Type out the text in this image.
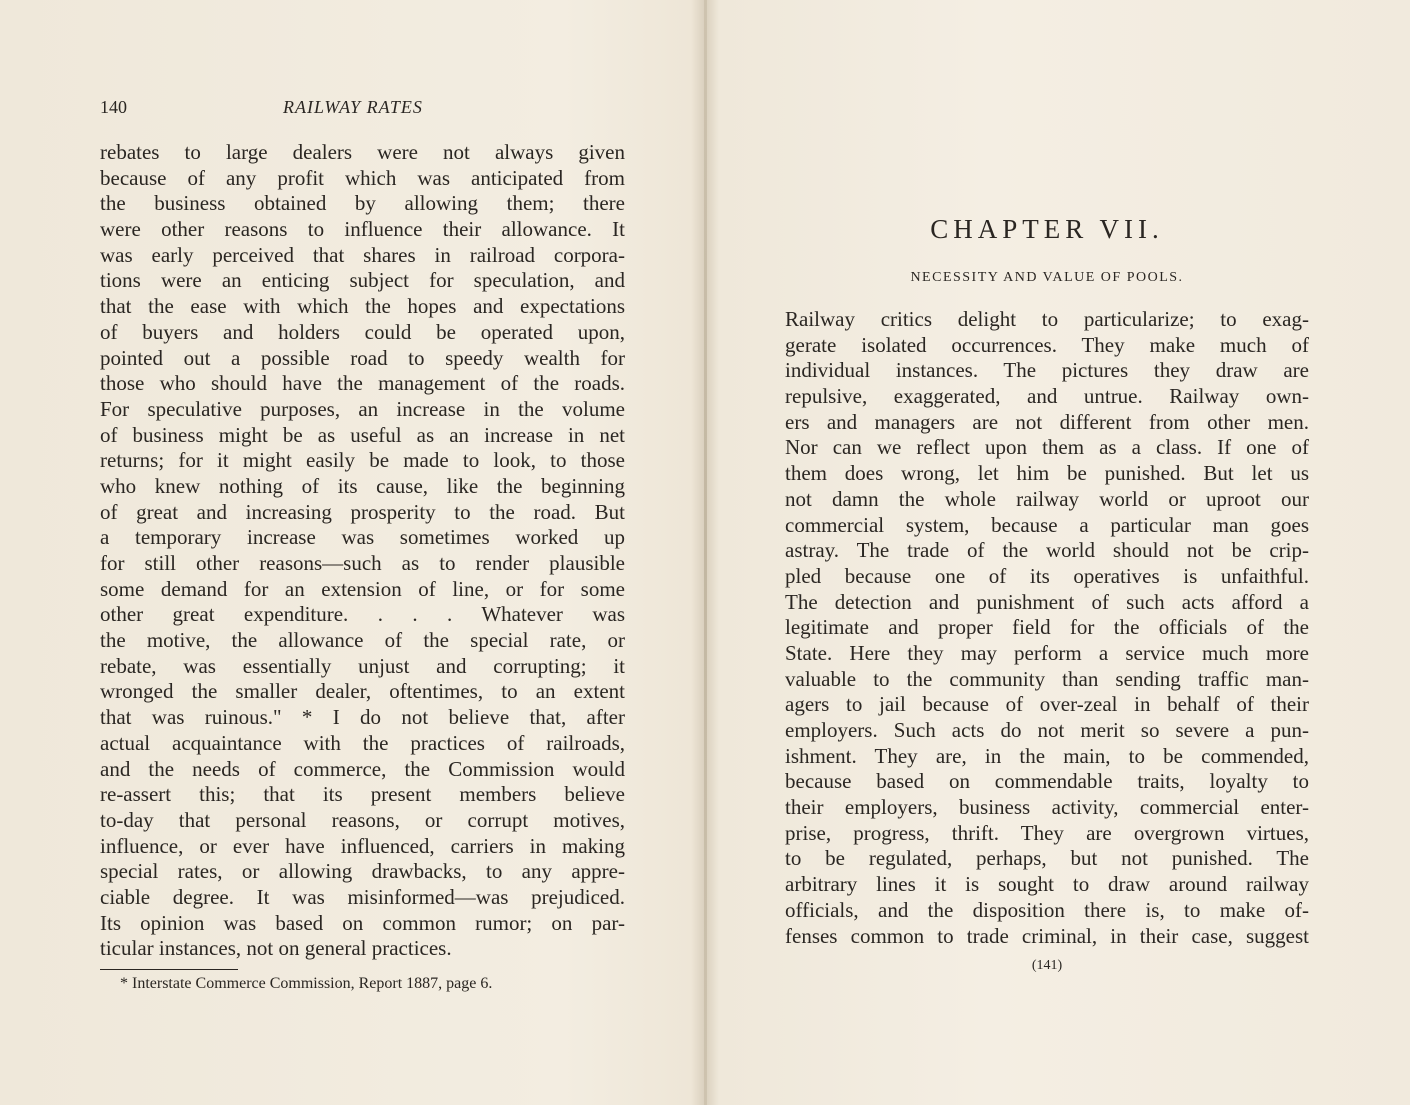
140	RAILWAY RATES
rebates to large dealers were not always given
because of any profit which was anticipated from
the business obtained by allowing them; there
were other reasons to influence their allowance. It
was early perceived that shares in railroad corpora-
tions were an enticing subject for speculation, and
that the ease with which the hopes and expectations
of buyers and holders could be operated upon,
pointed out a possible road to speedy wealth for
those who should have the management of the roads.
For speculative purposes, an increase in the volume
of business might be as useful as an increase in net
returns; for it might easily be made to look, to those
who knew nothing of its cause, like the beginning
of great and increasing prosperity to the road. But
a temporary increase was sometimes worked up
for still other reasons—such as to render plausible
some demand for an extension of line, or for some
other great expenditure. . . . Whatever was
the motive, the allowance of the special rate, or
rebate, was essentially unjust and corrupting; it
wronged the smaller dealer, oftentimes, to an extent
that was ruinous." * I do not believe that, after
actual acquaintance with the practices of railroads,
and the needs of commerce, the Commission would
re-assert this; that its present members believe
to-day that personal reasons, or corrupt motives,
influence, or ever have influenced, carriers in making
special rates, or allowing drawbacks, to any appre-
ciable degree. It was misinformed—was prejudiced.
Its opinion was based on common rumor; on par-
ticular instances, not on general practices.
* Interstate Commerce Commission, Report 1887, page 6.
CHAPTER VII.
NECESSITY AND VALUE OF POOLS.
Railway critics delight to particularize; to exag-
gerate isolated occurrences. They make much of
individual instances. The pictures they draw are
repulsive, exaggerated, and untrue. Railway own-
ers and managers are not different from other men.
Nor can we reflect upon them as a class. If one of
them does wrong, let him be punished. But let us
not damn the whole railway world or uproot our
commercial system, because a particular man goes
astray. The trade of the world should not be crip-
pled because one of its operatives is unfaithful.
The detection and punishment of such acts afford a
legitimate and proper field for the officials of the
State. Here they may perform a service much more
valuable to the community than sending traffic man-
agers to jail because of over-zeal in behalf of their
employers. Such acts do not merit so severe a pun-
ishment. They are, in the main, to be commended,
because based on commendable traits, loyalty to
their employers, business activity, commercial enter-
prise, progress, thrift. They are overgrown virtues,
to be regulated, perhaps, but not punished. The
arbitrary lines it is sought to draw around railway
officials, and the disposition there is, to make of-
fenses common to trade criminal, in their case, suggest
(141)
